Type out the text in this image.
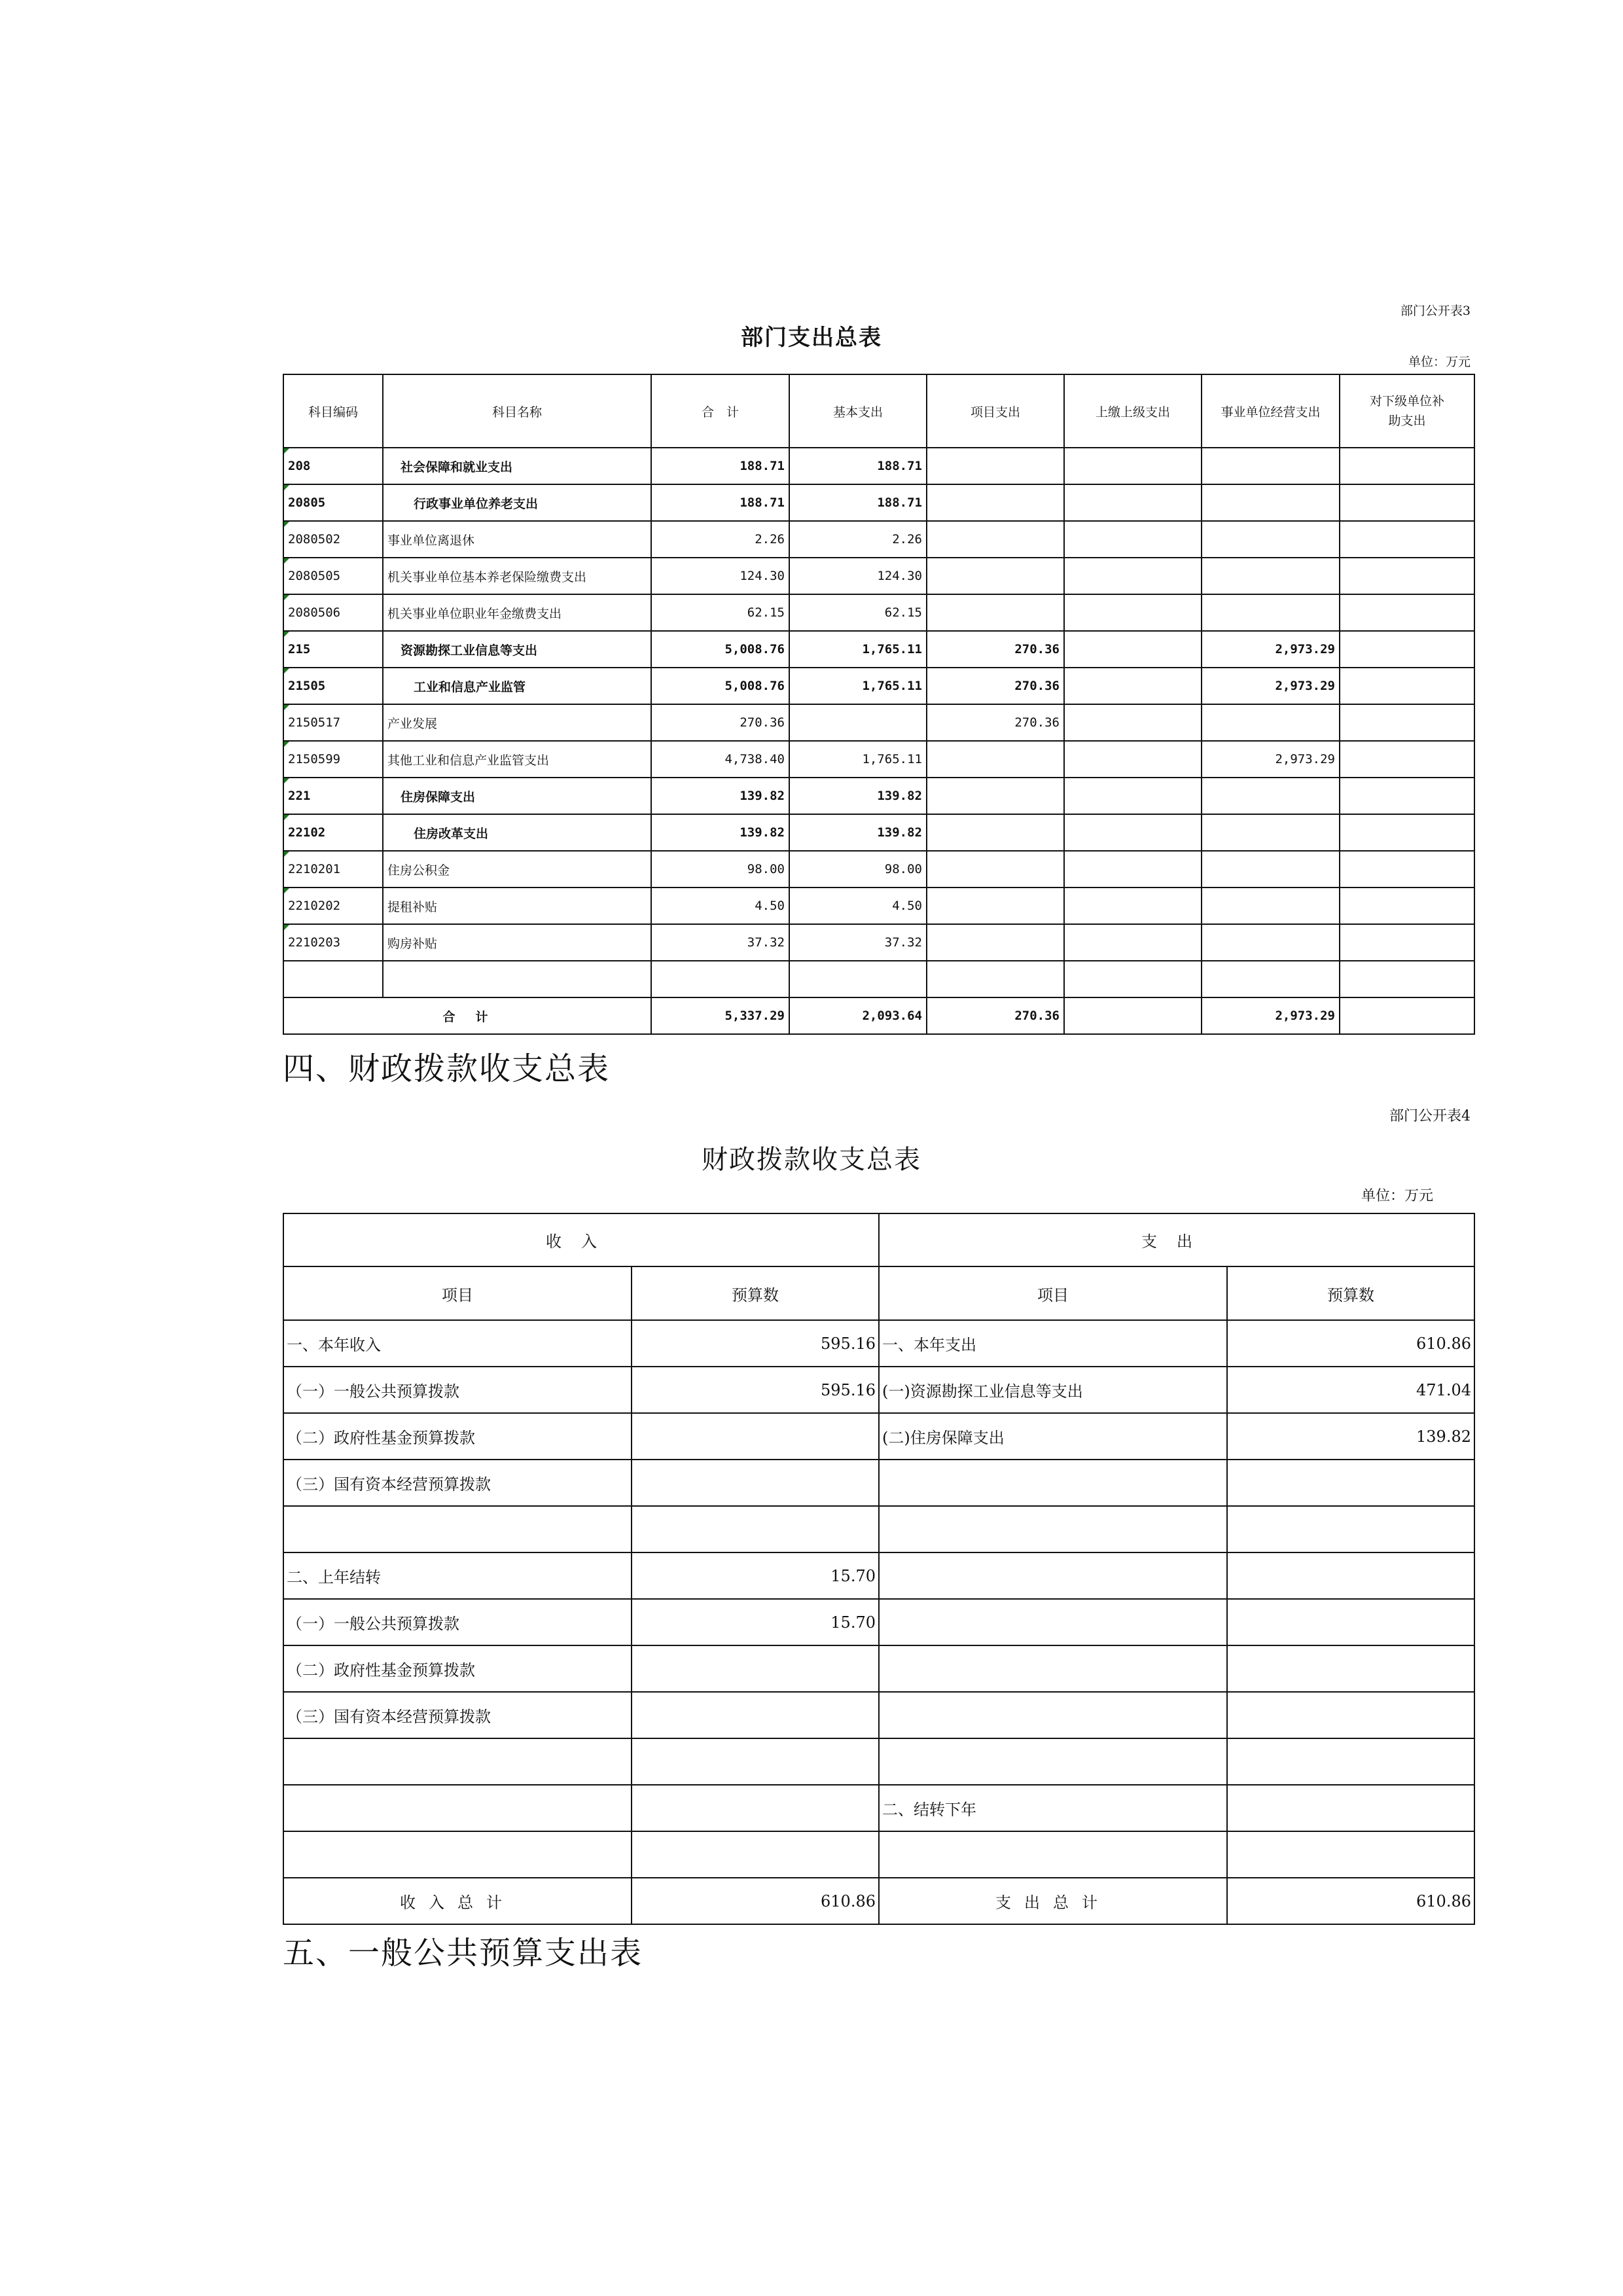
部门公开表3
部门支出总表
单位：万元
科目编码	科目名称	合　计	基本支出	项目支出	上缴上级支出	事业单位经营支出	对下级单位补助支出
208	社会保障和就业支出	188.71	188.71				
20805	行政事业单位养老支出	188.71	188.71				
2080502	事业单位离退休	2.26	2.26				
2080505	机关事业单位基本养老保险缴费支出	124.30	124.30				
2080506	机关事业单位职业年金缴费支出	62.15	62.15				
215	资源勘探工业信息等支出	5,008.76	1,765.11	270.36		2,973.29	
21505	工业和信息产业监管	5,008.76	1,765.11	270.36		2,973.29	
2150517	产业发展	270.36		270.36			
2150599	其他工业和信息产业监管支出	4,738.40	1,765.11			2,973.29	
221	住房保障支出	139.82	139.82				
22102	住房改革支出	139.82	139.82				
2210201	住房公积金	98.00	98.00				
2210202	提租补贴	4.50	4.50				
2210203	购房补贴	37.32	37.32				

合　计		5,337.29	2,093.64	270.36		2,973.29	
四、财政拨款收支总表
部门公开表4
财政拨款收支总表
单位：万元
收入		支出	
项目	预算数	项目	预算数
一、本年收入	595.16	一、本年支出	610.86
（一）一般公共预算拨款	595.16	(一)资源勘探工业信息等支出	471.04
（二）政府性基金预算拨款		(二)住房保障支出	139.82
（三）国有资本经营预算拨款			

二、上年结转	15.70		
（一）一般公共预算拨款	15.70		
（二）政府性基金预算拨款			
（三）国有资本经营预算拨款			

		二、结转下年	

收入总计	610.86	支出总计	610.86
五、一般公共预算支出表
